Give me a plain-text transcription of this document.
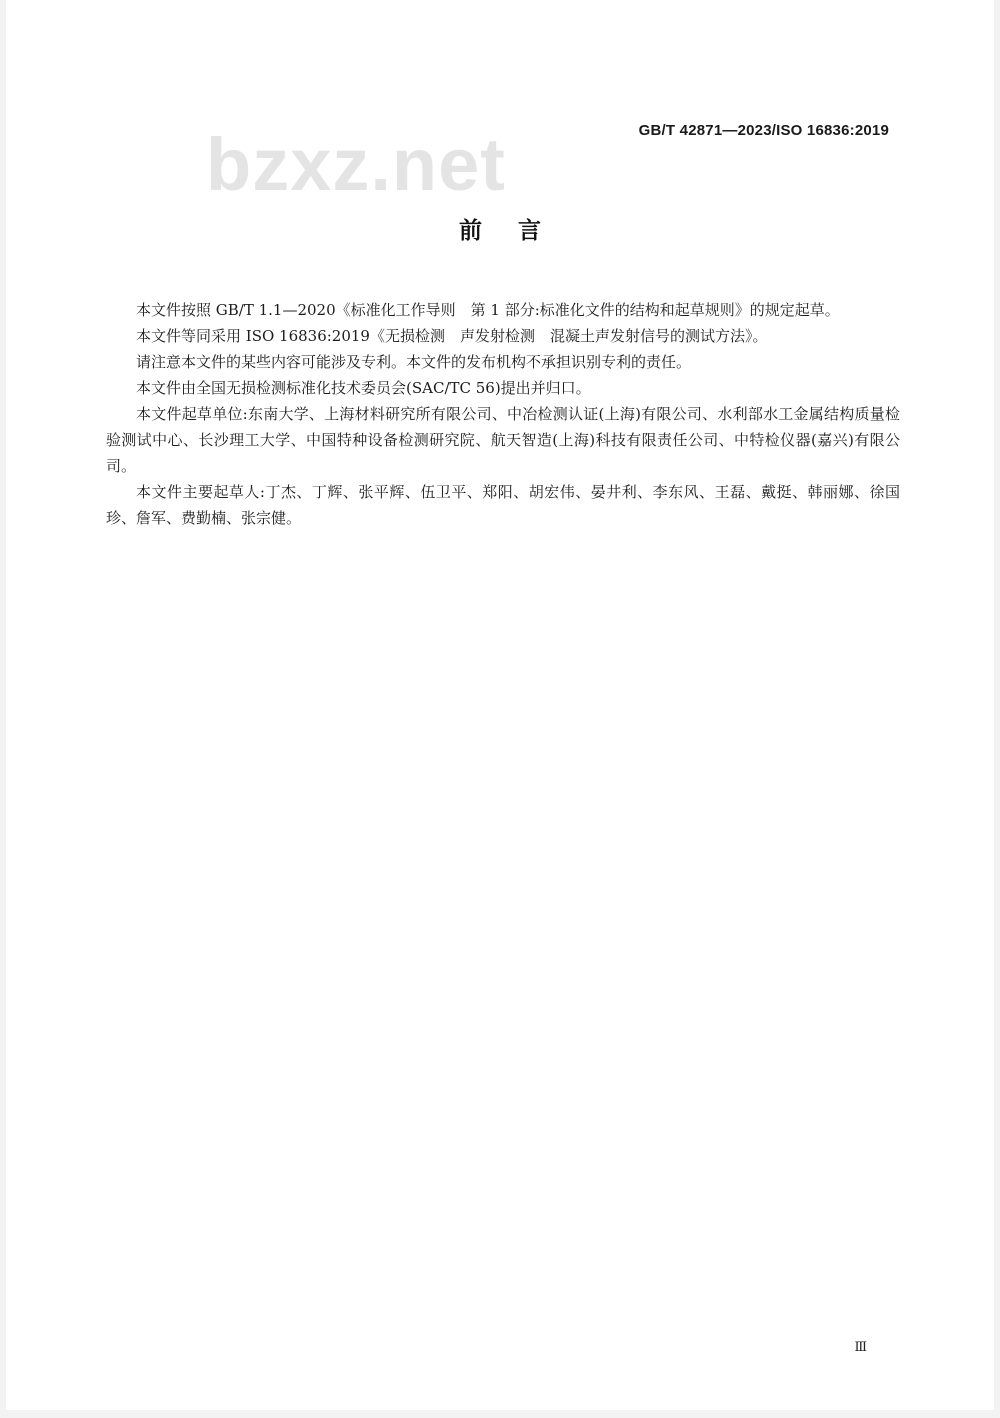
bzxz.net	GB/T 42871—2023/ISO 16836:2019
前言

本文件按照 GB/T 1.1—2020《标准化工作导则　第 1 部分:标准化文件的结构和起草规则》的规定起草。

本文件等同采用 ISO 16836:2019《无损检测　声发射检测　混凝土声发射信号的测试方法》。

请注意本文件的某些内容可能涉及专利。本文件的发布机构不承担识别专利的责任。

本文件由全国无损检测标准化技术委员会(SAC/TC 56)提出并归口。

本文件起草单位:东南大学、上海材料研究所有限公司、中冶检测认证(上海)有限公司、水利部水工金属结构质量检验测试中心、长沙理工大学、中国特种设备检测研究院、航天智造(上海)科技有限责任公司、中特检仪器(嘉兴)有限公司。

本文件主要起草人:丁杰、丁辉、张平辉、伍卫平、郑阳、胡宏伟、晏井利、李东风、王磊、戴挺、韩丽娜、徐国珍、詹军、费勤楠、张宗健。

Ⅲ
